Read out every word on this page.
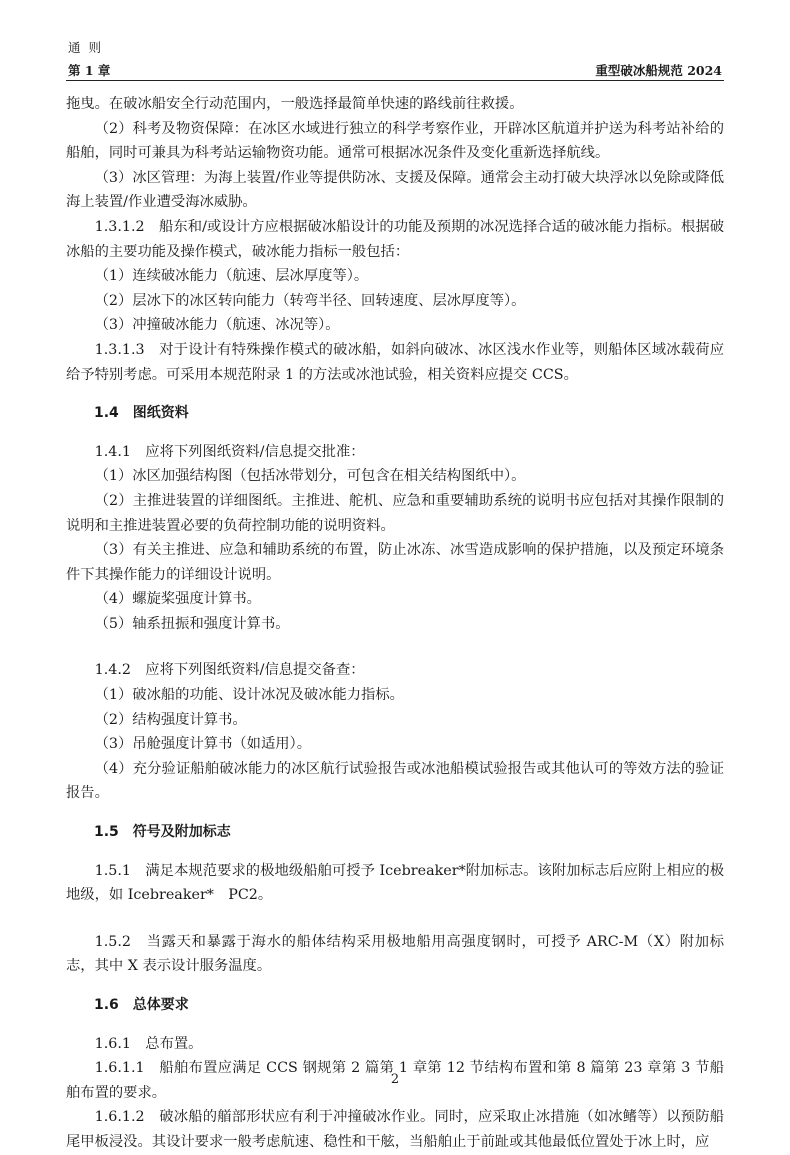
通 则
第 1 章	重型破冰船规范 2024

拖曳。在破冰船安全行动范围内，一般选择最简单快速的路线前往救援。

（2）科考及物资保障：在冰区水域进行独立的科学考察作业，开辟冰区航道并护送为科考站补给的船舶，同时可兼具为科考站运输物资功能。通常可根据冰况条件及变化重新选择航线。

（3）冰区管理：为海上装置/作业等提供防冰、支援及保障。通常会主动打破大块浮冰以免除或降低海上装置/作业遭受海冰威胁。

1.3.1.2　船东和/或设计方应根据破冰船设计的功能及预期的冰况选择合适的破冰能力指标。根据破冰船的主要功能及操作模式，破冰能力指标一般包括：

（1）连续破冰能力（航速、层冰厚度等）。

（2）层冰下的冰区转向能力（转弯半径、回转速度、层冰厚度等）。

（3）冲撞破冰能力（航速、冰况等）。

1.3.1.3　对于设计有特殊操作模式的破冰船，如斜向破冰、冰区浅水作业等，则船体区域冰载荷应给予特别考虑。可采用本规范附录 1 的方法或冰池试验，相关资料应提交 CCS。

1.4　图纸资料

1.4.1　应将下列图纸资料/信息提交批准：

（1）冰区加强结构图（包括冰带划分，可包含在相关结构图纸中）。

（2）主推进装置的详细图纸。主推进、舵机、应急和重要辅助系统的说明书应包括对其操作限制的说明和主推进装置必要的负荷控制功能的说明资料。

（3）有关主推进、应急和辅助系统的布置，防止冰冻、冰雪造成影响的保护措施，以及预定环境条件下其操作能力的详细设计说明。

（4）螺旋桨强度计算书。

（5）轴系扭振和强度计算书。

1.4.2　应将下列图纸资料/信息提交备查：

（1）破冰船的功能、设计冰况及破冰能力指标。

（2）结构强度计算书。

（3）吊舱强度计算书（如适用）。

（4）充分验证船舶破冰能力的冰区航行试验报告或冰池船模试验报告或其他认可的等效方法的验证报告。

1.5　符号及附加标志

1.5.1　满足本规范要求的极地级船舶可授予 Icebreaker*附加标志。该附加标志后应附上相应的极地级，如 Icebreaker*　PC2。

1.5.2　当露天和暴露于海水的船体结构采用极地船用高强度钢时，可授予 ARC-M（X）附加标志，其中 X 表示设计服务温度。

1.6　总体要求

1.6.1　总布置。

1.6.1.1　船舶布置应满足 CCS 钢规第 2 篇第 1 章第 12 节结构布置和第 8 篇第 23 章第 3 节船舶布置的要求。

1.6.1.2　破冰船的艏部形状应有利于冲撞破冰作业。同时，应采取止冰措施（如冰鳍等）以预防船尾甲板浸没。其设计要求一般考虑航速、稳性和干舷，当船舶止于前趾或其他最低位置处于冰上时，应

2
